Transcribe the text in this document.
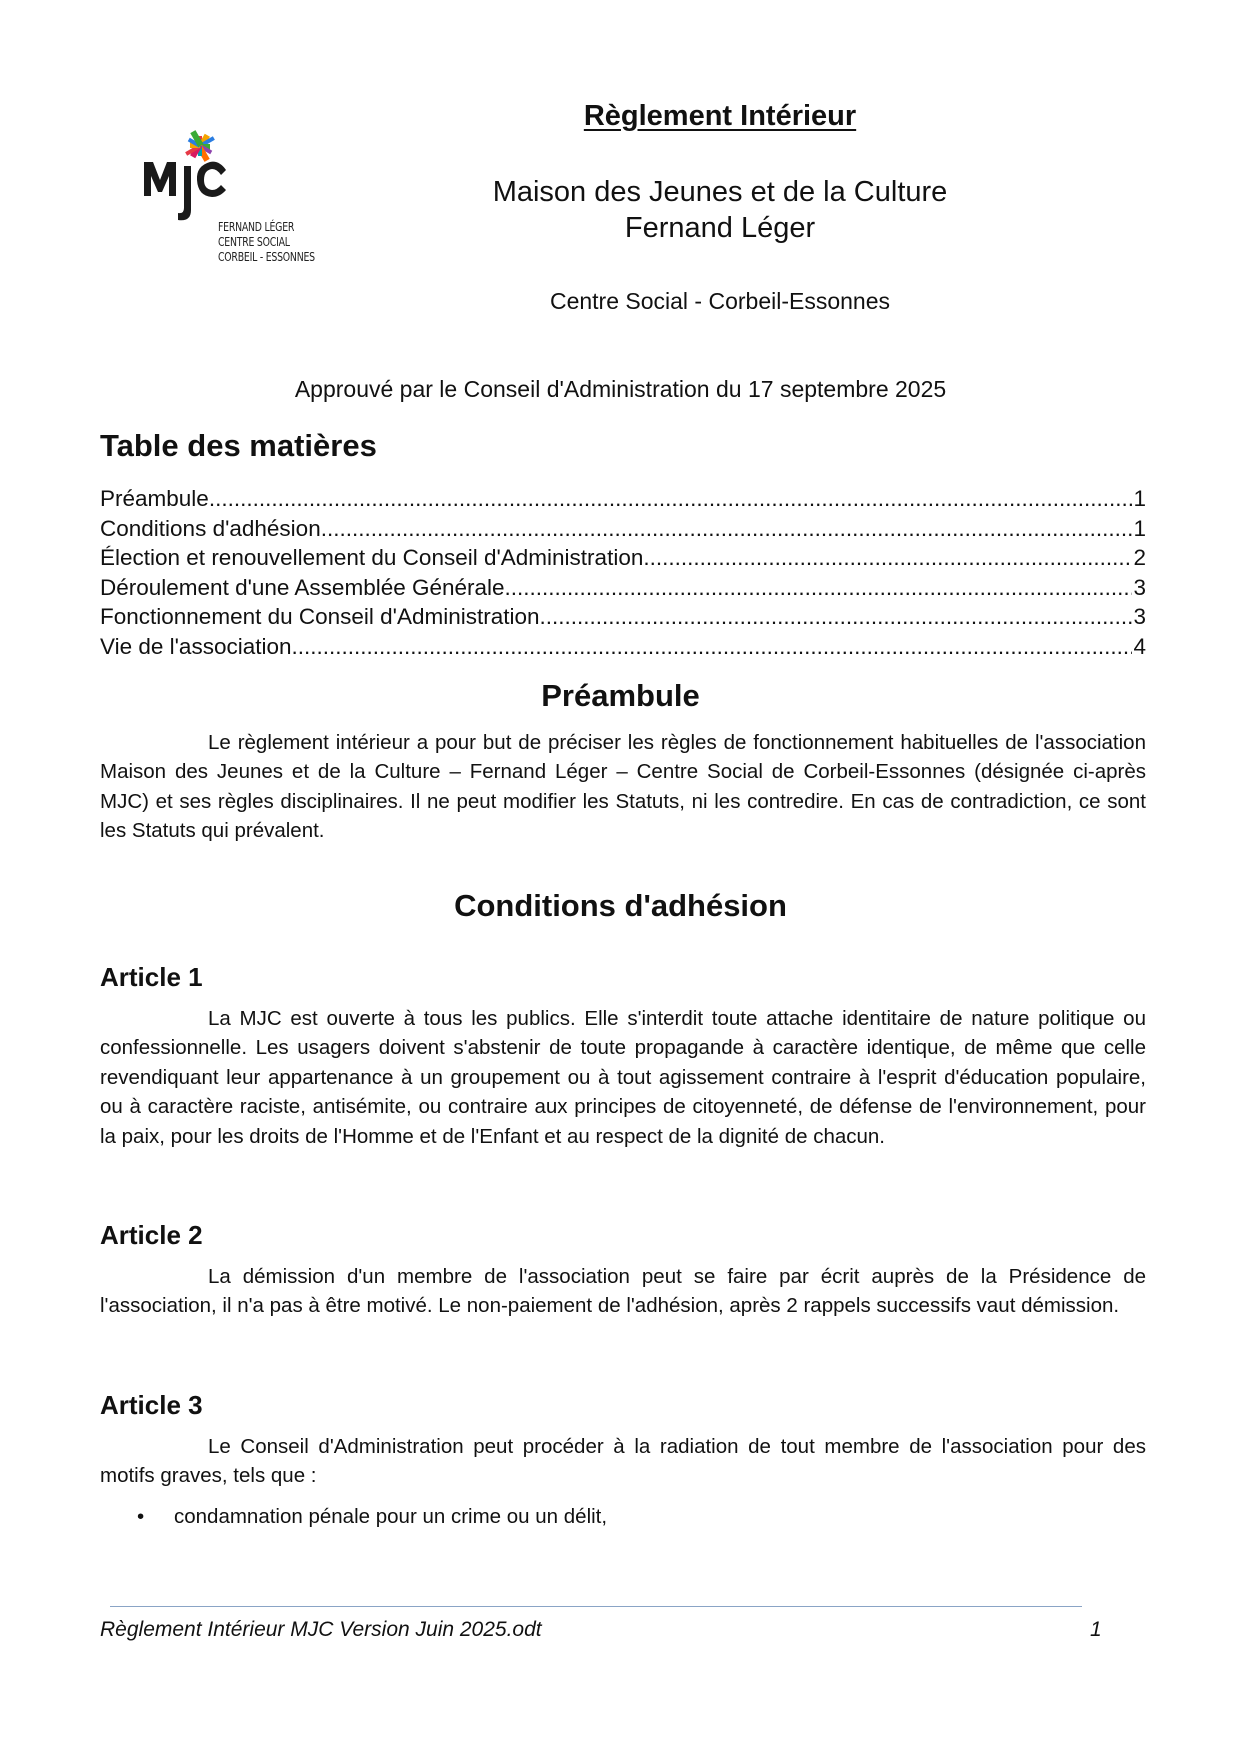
FERNAND LÉGER
CENTRE SOCIAL
CORBEIL - ESSONNES
Règlement Intérieur
Maison des Jeunes et de la Culture
Fernand Léger
Centre Social - Corbeil-Essonnes
Approuvé par le Conseil d'Administration du 17 septembre 2025
Table des matières
Préambule .....	1
Conditions d'adhésion .....	1
Élection et renouvellement du Conseil d'Administration .....	2
Déroulement d'une Assemblée Générale .....	3
Fonctionnement du Conseil d'Administration .....	3
Vie de l'association .....	4
Préambule
Le règlement intérieur a pour but de préciser les règles de fonctionnement habituelles de l'association Maison des Jeunes et de la Culture – Fernand Léger – Centre Social de Corbeil-Essonnes (désignée ci-après MJC) et ses règles disciplinaires. Il ne peut modifier les Statuts, ni les contredire. En cas de contradiction, ce sont les Statuts qui prévalent.
Conditions d'adhésion
Article 1
La MJC est ouverte à tous les publics. Elle s'interdit toute attache identitaire de nature politique ou confessionnelle. Les usagers doivent s'abstenir de toute propagande à caractère identique, de même que celle revendiquant leur appartenance à un groupement ou à tout agissement contraire à l'esprit d'éducation populaire, ou à caractère raciste, antisémite, ou contraire aux principes de citoyenneté, de défense de l'environnement, pour la paix, pour les droits de l'Homme et de l'Enfant et au respect de la dignité de chacun.
Article 2
La démission d'un membre de l'association peut se faire par écrit auprès de la Présidence de l'association, il n'a pas à être motivé. Le non-paiement de l'adhésion, après 2 rappels successifs vaut démission.
Article 3
Le Conseil d'Administration peut procéder à la radiation de tout membre de l'association pour des motifs graves, tels que :
•	condamnation pénale pour un crime ou un délit,
Règlement Intérieur MJC Version Juin 2025.odt	1
